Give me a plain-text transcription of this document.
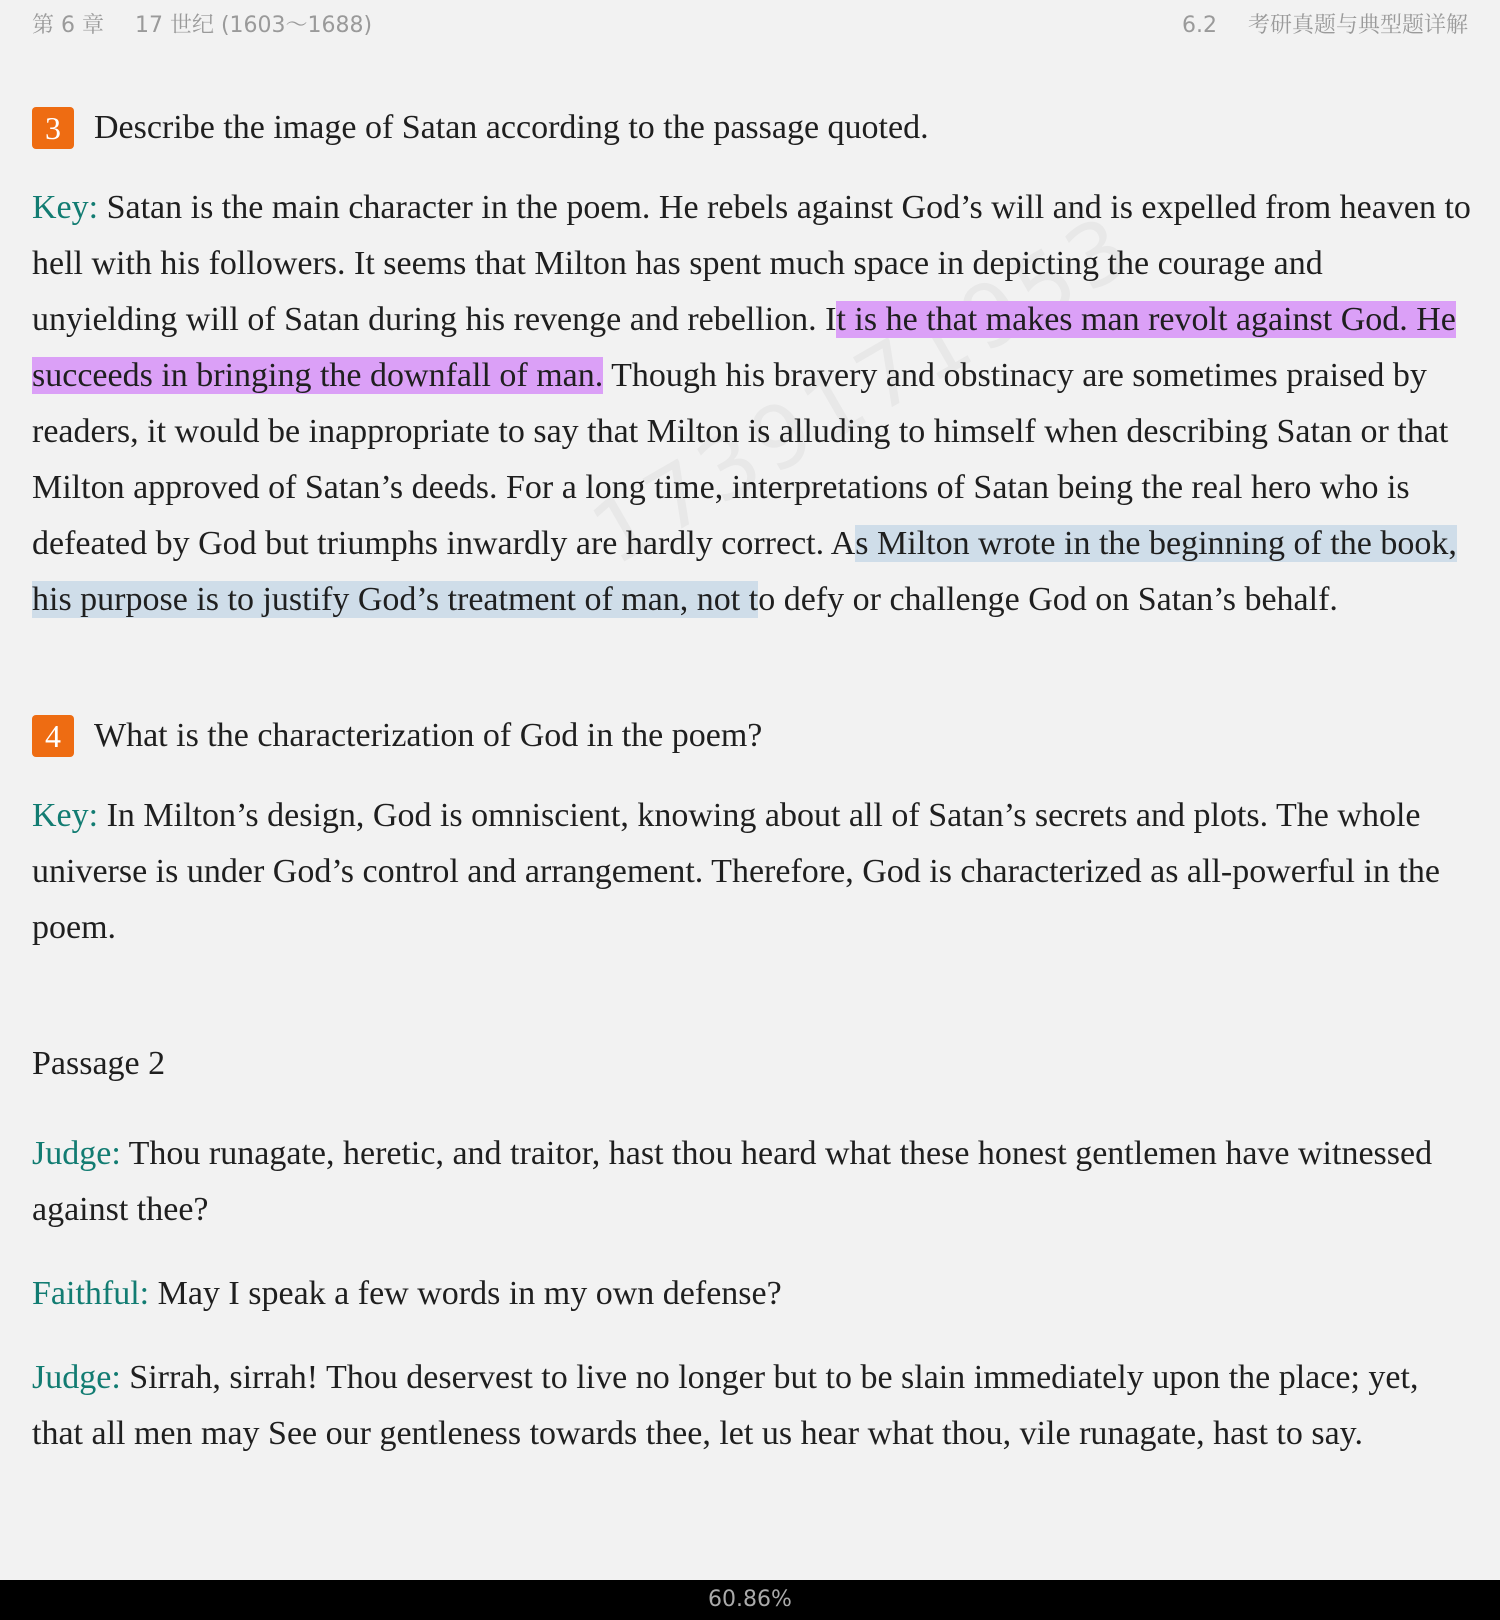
第 6 章 17 世纪 (1603～1688)	6.2 考研真题与典型题详解
3 Describe the image of Satan according to the passage quoted.

Key: Satan is the main character in the poem. He rebels against God’s will and is expelled from heaven to hell with his followers. It seems that Milton has spent much space in depicting the courage and unyielding will of Satan during his revenge and rebellion. It is he that makes man revolt against God. He succeeds in bringing the downfall of man. Though his bravery and obstinacy are sometimes praised by readers, it would be inappropriate to say that Milton is alluding to himself when describing Satan or that Milton approved of Satan’s deeds. For a long time, interpretations of Satan being the real hero who is defeated by God but triumphs inwardly are hardly correct. As Milton wrote in the beginning of the book, his purpose is to justify God’s treatment of man, not to defy or challenge God on Satan’s behalf.

4 What is the characterization of God in the poem?

Key: In Milton’s design, God is omniscient, knowing about all of Satan’s secrets and plots. The whole universe is under God’s control and arrangement. Therefore, God is characterized as all-powerful in the poem.

Passage 2

Judge: Thou runagate, heretic, and traitor, hast thou heard what these honest gentlemen have witnessed against thee?

Faithful: May I speak a few words in my own defense?

Judge: Sirrah, sirrah! Thou deservest to live no longer but to be slain immediately upon the place; yet, that all men may See our gentleness towards thee, let us hear what thou, vile runagate, hast to say.

60.86%
